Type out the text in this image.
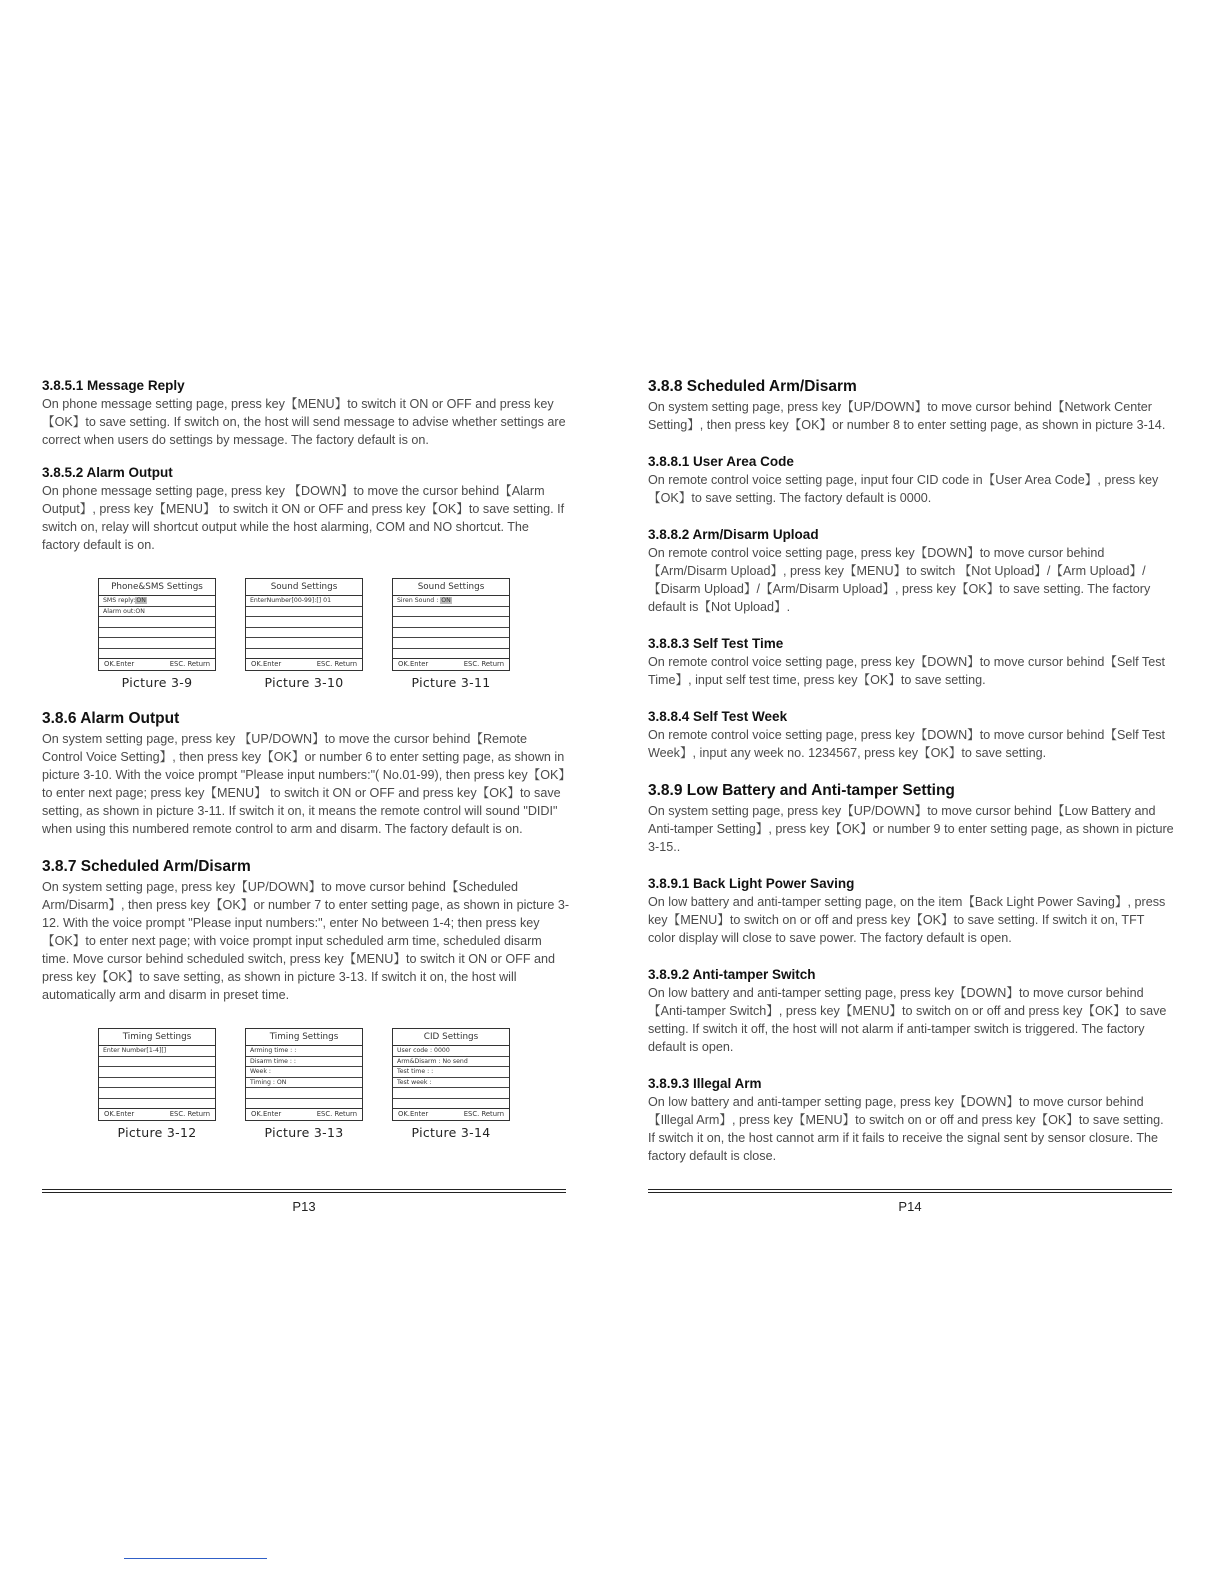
3.8.5.1 Message Reply

On phone message setting page, press key【MENU】to switch it ON or OFF and press key【OK】to save setting. If switch on, the host will send message to advise whether settings are correct when users do settings by message. The factory default is on.

3.8.5.2 Alarm Output

On phone message setting page, press key 【DOWN】to move the cursor behind【Alarm Output】, press key【MENU】 to switch it ON or OFF and press key【OK】to save setting. If switch on, relay will shortcut output while the host alarming, COM and NO shortcut. The factory default is on.

Phone&SMS Settings
SMS reply:ON
Alarm out:ON
OK.Enter	ESC. Return
Picture 3-9
Sound Settings
EnterNumber[00-99]:[] 01
OK.Enter	ESC. Return
Picture 3-10
Sound Settings
Siren Sound : ON
OK.Enter	ESC. Return
Picture 3-11
3.8.6 Alarm Output

On system setting page, press key 【UP/DOWN】to move the cursor behind【Remote Control Voice Setting】, then press key【OK】or number 6 to enter setting page, as shown in picture 3-10. With the voice prompt "Please input numbers:"( No.01-99), then press key【OK】to enter next page; press key【MENU】 to switch it ON or OFF and press key【OK】to save setting, as shown in picture 3-11. If switch it on, it means the remote control will sound "DIDI" when using this numbered remote control to arm and disarm. The factory default is on.

3.8.7 Scheduled Arm/Disarm

On system setting page, press key【UP/DOWN】to move cursor behind【Scheduled Arm/Disarm】, then press key【OK】or number 7 to enter setting page, as shown in picture 3-12. With the voice prompt "Please input numbers:", enter No between 1-4; then press key【OK】to enter next page; with voice prompt input scheduled arm time, scheduled disarm time. Move cursor behind scheduled switch, press key【MENU】to switch it ON or OFF and press key【OK】to save setting, as shown in picture 3-13. If switch it on, the host will automatically arm and disarm in preset time.

Timing Settings
Enter Number[1-4][]
OK.Enter	ESC. Return
Picture 3-12
Timing Settings
Arming time : :
Disarm time : :
Week :
Timing : ON
OK.Enter	ESC. Return
Picture 3-13
CID Settings
User code : 0000
Arm&Disarm : No send
Test time : :
Test week :
OK.Enter	ESC. Return
Picture 3-14
3.8.8 Scheduled Arm/Disarm

On system setting page, press key【UP/DOWN】to move cursor behind【Network Center Setting】, then press key【OK】or number 8 to enter setting page, as shown in picture 3-14.

3.8.8.1 User Area Code

On remote control voice setting page, input four CID code in【User Area Code】, press key【OK】to save setting. The factory default is 0000.

3.8.8.2 Arm/Disarm Upload

On remote control voice setting page, press key【DOWN】to move cursor behind【Arm/Disarm Upload】, press key【MENU】to switch 【Not Upload】/【Arm Upload】/【Disarm Upload】/【Arm/Disarm Upload】, press key【OK】to save setting. The factory default is【Not Upload】.

3.8.8.3 Self Test Time

On remote control voice setting page, press key【DOWN】to move cursor behind【Self Test Time】, input self test time, press key【OK】to save setting.

3.8.8.4 Self Test Week

On remote control voice setting page, press key【DOWN】to move cursor behind【Self Test Week】, input any week no. 1234567, press key【OK】to save setting.

3.8.9 Low Battery and Anti-tamper Setting

On system setting page, press key【UP/DOWN】to move cursor behind【Low Battery and Anti-tamper Setting】, press key【OK】or number 9 to enter setting page, as shown in picture 3-15..

3.8.9.1 Back Light Power Saving

On low battery and anti-tamper setting page, on the item【Back Light Power Saving】, press key【MENU】to switch on or off and press key【OK】to save setting. If switch it on, TFT color display will close to save power. The factory default is open.

3.8.9.2 Anti-tamper Switch

On low battery and anti-tamper setting page, press key【DOWN】to move cursor behind【Anti-tamper Switch】, press key【MENU】to switch on or off and press key【OK】to save setting. If switch it off, the host will not alarm if anti-tamper switch is triggered. The factory default is open.

3.8.9.3 Illegal Arm

On low battery and anti-tamper setting page, press key【DOWN】to move cursor behind【Illegal Arm】, press key【MENU】to switch on or off and press key【OK】to save setting. If switch it on, the host cannot arm if it fails to receive the signal sent by sensor closure. The factory default is close.

P13	P14
